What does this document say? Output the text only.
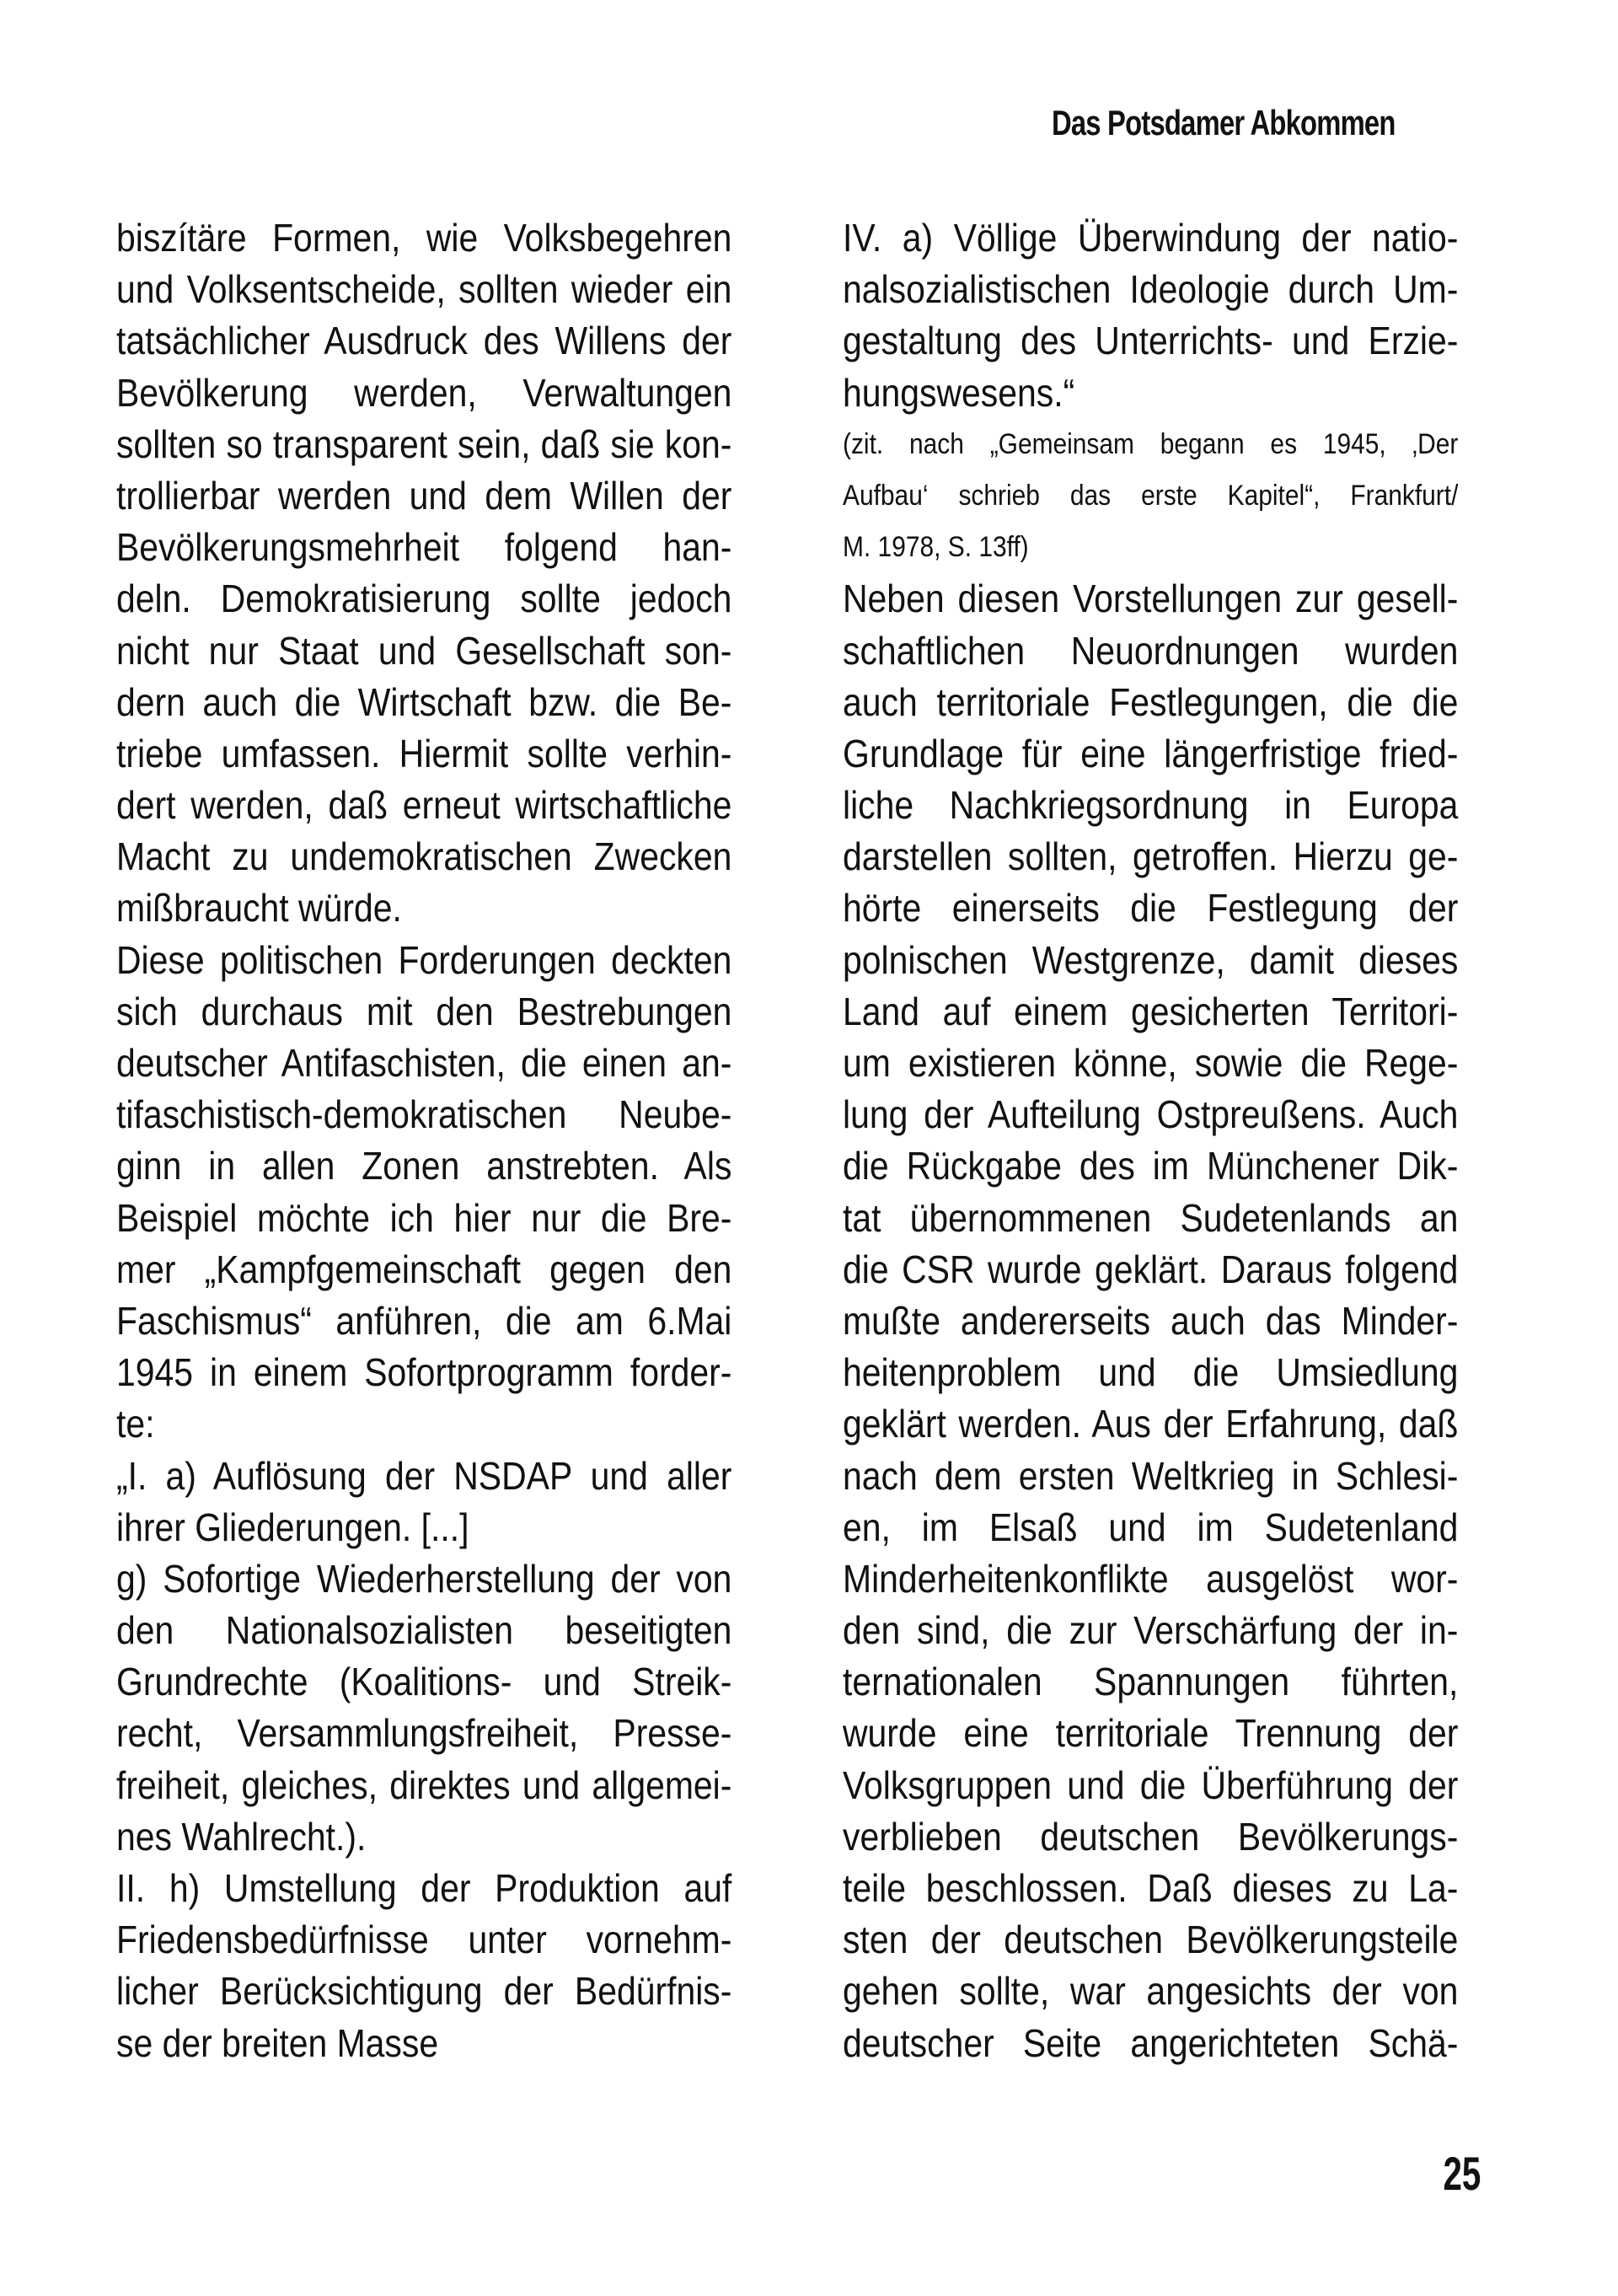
Das Potsdamer Abkommen

biszítäre Formen, wie Volksbegehren

und Volksentscheide, sollten wieder ein

tatsächlicher Ausdruck des Willens der

Bevölkerung werden, Verwaltungen

sollten so transparent sein, daß sie kon-

trollierbar werden und dem Willen der

Bevölkerungsmehrheit folgend han-

deln. Demokratisierung sollte jedoch

nicht nur Staat und Gesellschaft son-

dern auch die Wirtschaft bzw. die Be-

triebe umfassen. Hiermit sollte verhin-

dert werden, daß erneut wirtschaftliche

Macht zu undemokratischen Zwecken

mißbraucht würde.

Diese politischen Forderungen deckten

sich durchaus mit den Bestrebungen

deutscher Antifaschisten, die einen an-

tifaschistisch-demokratischen Neube-

ginn in allen Zonen anstrebten. Als

Beispiel möchte ich hier nur die Bre-

mer „Kampfgemeinschaft gegen den

Faschismus“ anführen, die am 6.Mai

1945 in einem Sofortprogramm forder-

te:

„I. a) Auflösung der NSDAP und aller

ihrer Gliederungen. [...]

g) Sofortige Wiederherstellung der von

den Nationalsozialisten beseitigten

Grundrechte (Koalitions- und Streik-

recht, Versammlungsfreiheit, Presse-

freiheit, gleiches, direktes und allgemei-

nes Wahlrecht.).

II. h) Umstellung der Produktion auf

Friedensbedürfnisse unter vornehm-

licher Berücksichtigung der Bedürfnis-

se der breiten Masse

IV. a) Völlige Überwindung der natio-

nalsozialistischen Ideologie durch Um-

gestaltung des Unterrichts- und Erzie-

hungswesens.“

(zit. nach „Gemeinsam begann es 1945, ‚Der

Aufbau‘ schrieb das erste Kapitel“, Frankfurt/

M. 1978, S. 13ff)

Neben diesen Vorstellungen zur gesell-

schaftlichen Neuordnungen wurden

auch territoriale Festlegungen, die die

Grundlage für eine längerfristige fried-

liche Nachkriegsordnung in Europa

darstellen sollten, getroffen. Hierzu ge-

hörte einerseits die Festlegung der

polnischen Westgrenze, damit dieses

Land auf einem gesicherten Territori-

um existieren könne, sowie die Rege-

lung der Aufteilung Ostpreußens. Auch

die Rückgabe des im Münchener Dik-

tat übernommenen Sudetenlands an

die CSR wurde geklärt. Daraus folgend

mußte andererseits auch das Minder-

heitenproblem und die Umsiedlung

geklärt werden. Aus der Erfahrung, daß

nach dem ersten Weltkrieg in Schlesi-

en, im Elsaß und im Sudetenland

Minderheitenkonflikte ausgelöst wor-

den sind, die zur Verschärfung der in-

ternationalen Spannungen führten,

wurde eine territoriale Trennung der

Volksgruppen und die Überführung der

verblieben deutschen Bevölkerungs-

teile beschlossen. Daß dieses zu La-

sten der deutschen Bevölkerungsteile

gehen sollte, war angesichts der von

deutscher Seite angerichteten Schä-

25
